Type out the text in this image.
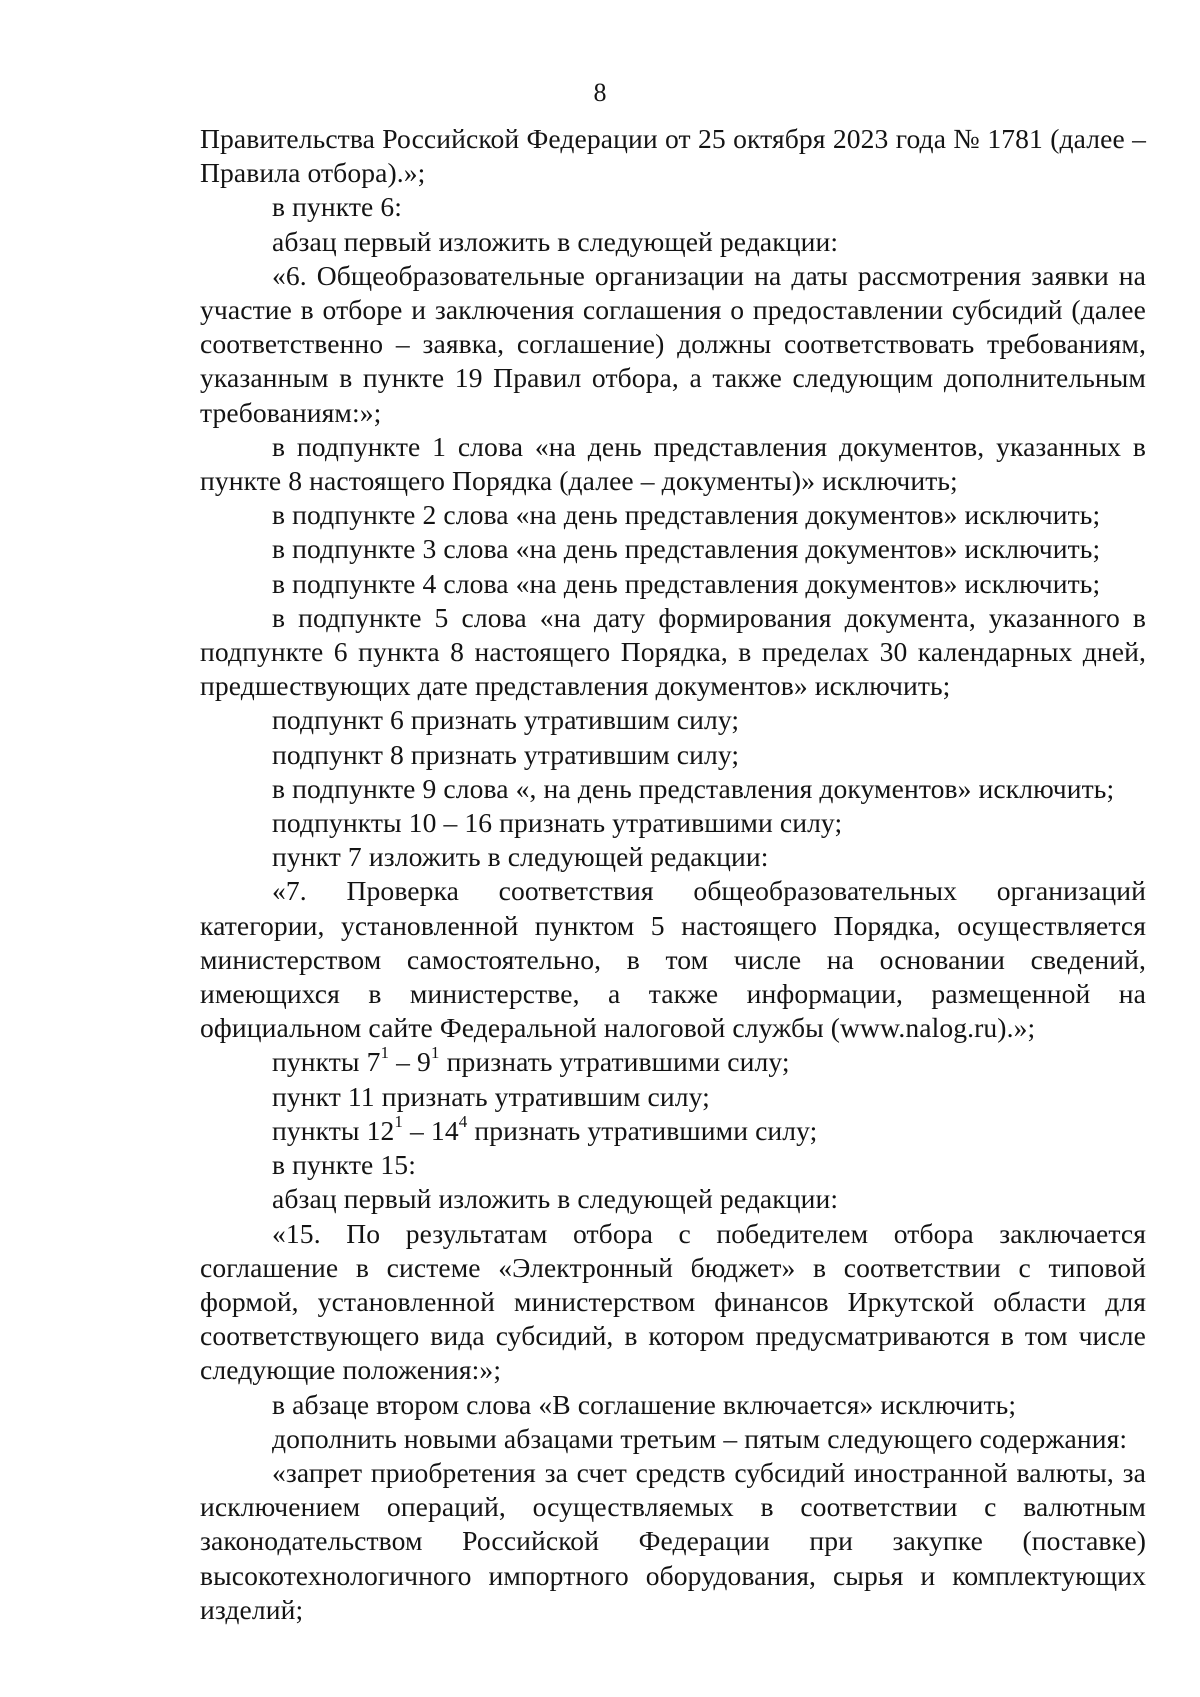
8

Правительства Российской Федерации от 25 октября 2023 года № 1781 (далее – Правила отбора).»;

в пункте 6:

абзац первый изложить в следующей редакции:

«6. Общеобразовательные организации на даты рассмотрения заявки на участие в отборе и заключения соглашения о предоставлении субсидий (далее соответственно – заявка, соглашение) должны соответствовать требованиям, указанным в пункте 19 Правил отбора, а также следующим дополнительным требованиям:»;

в подпункте 1 слова «на день представления документов, указанных в пункте 8 настоящего Порядка (далее – документы)» исключить;

в подпункте 2 слова «на день представления документов» исключить;

в подпункте 3 слова «на день представления документов» исключить;

в подпункте 4 слова «на день представления документов» исключить;

в подпункте 5 слова «на дату формирования документа, указанного в подпункте 6 пункта 8 настоящего Порядка, в пределах 30 календарных дней, предшествующих дате представления документов» исключить;

подпункт 6 признать утратившим силу;

подпункт 8 признать утратившим силу;

в подпункте 9 слова «, на день представления документов» исключить;

подпункты 10 – 16 признать утратившими силу;

пункт 7 изложить в следующей редакции:

«7. Проверка соответствия общеобразовательных организаций категории, установленной пунктом 5 настоящего Порядка, осуществляется министерством самостоятельно, в том числе на основании сведений, имеющихся в министерстве, а также информации, размещенной на официальном сайте Федеральной налоговой службы (www.nalog.ru).»;

пункты $7^1 - 9^1$ признать утратившими силу;

пункт 11 признать утратившим силу;

пункты $12^1 - 14^4$ признать утратившими силу;

в пункте 15:

абзац первый изложить в следующей редакции:

«15. По результатам отбора с победителем отбора заключается соглашение в системе «Электронный бюджет» в соответствии с типовой формой, установленной министерством финансов Иркутской области для соответствующего вида субсидий, в котором предусматриваются в том числе следующие положения:»;

в абзаце втором слова «В соглашение включается» исключить;

дополнить новыми абзацами третьим – пятым следующего содержания:

«запрет приобретения за счет средств субсидий иностранной валюты, за исключением операций, осуществляемых в соответствии с валютным законодательством Российской Федерации при закупке (поставке) высокотехнологичного импортного оборудования, сырья и комплектующих изделий;
